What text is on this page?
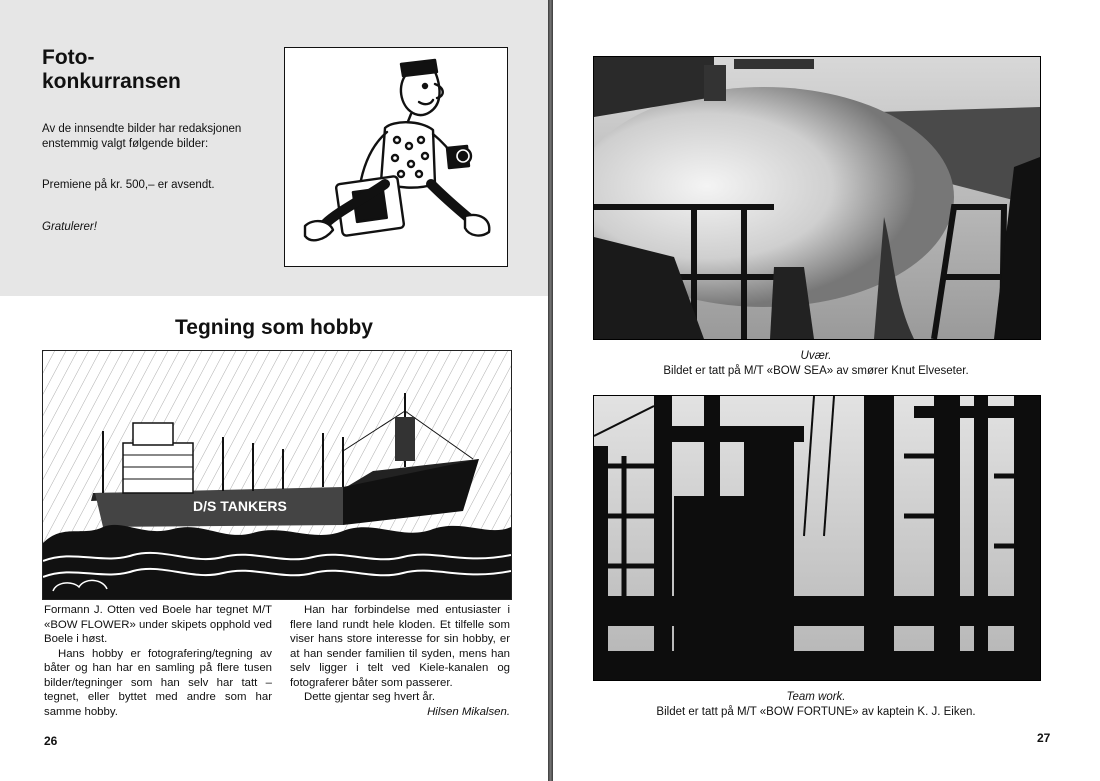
Foto-
konkurransen
Av de innsendte bilder har redaksjonen enstemmig valgt følgende bilder:
Premiene på kr. 500,– er avsendt.
Gratulerer!
Tegning som hobby
D/S TANKERS

Formann J. Otten ved Boele har tegnet M/T «BOW FLOWER» under skipets opphold ved Boele i høst.

Hans hobby er fotografering/tegning av båter og han har en samling på flere tusen bilder/tegninger som han selv har tatt – tegnet, eller byttet med andre som har samme hobby.

Han har forbindelse med entusiaster i flere land rundt hele kloden. Et tilfelle som viser hans store interesse for sin hobby, er at han sender familien til syden, mens han selv ligger i telt ved Kiele-kanalen og fotograferer båter som passerer.

Dette gjentar seg hvert år.

Hilsen Mikalsen.

26
Uvær.
Bildet er tatt på M/T «BOW SEA» av smører Knut Elveseter.
Team work.
Bildet er tatt på M/T «BOW FORTUNE» av kaptein K. J. Eiken.
27
